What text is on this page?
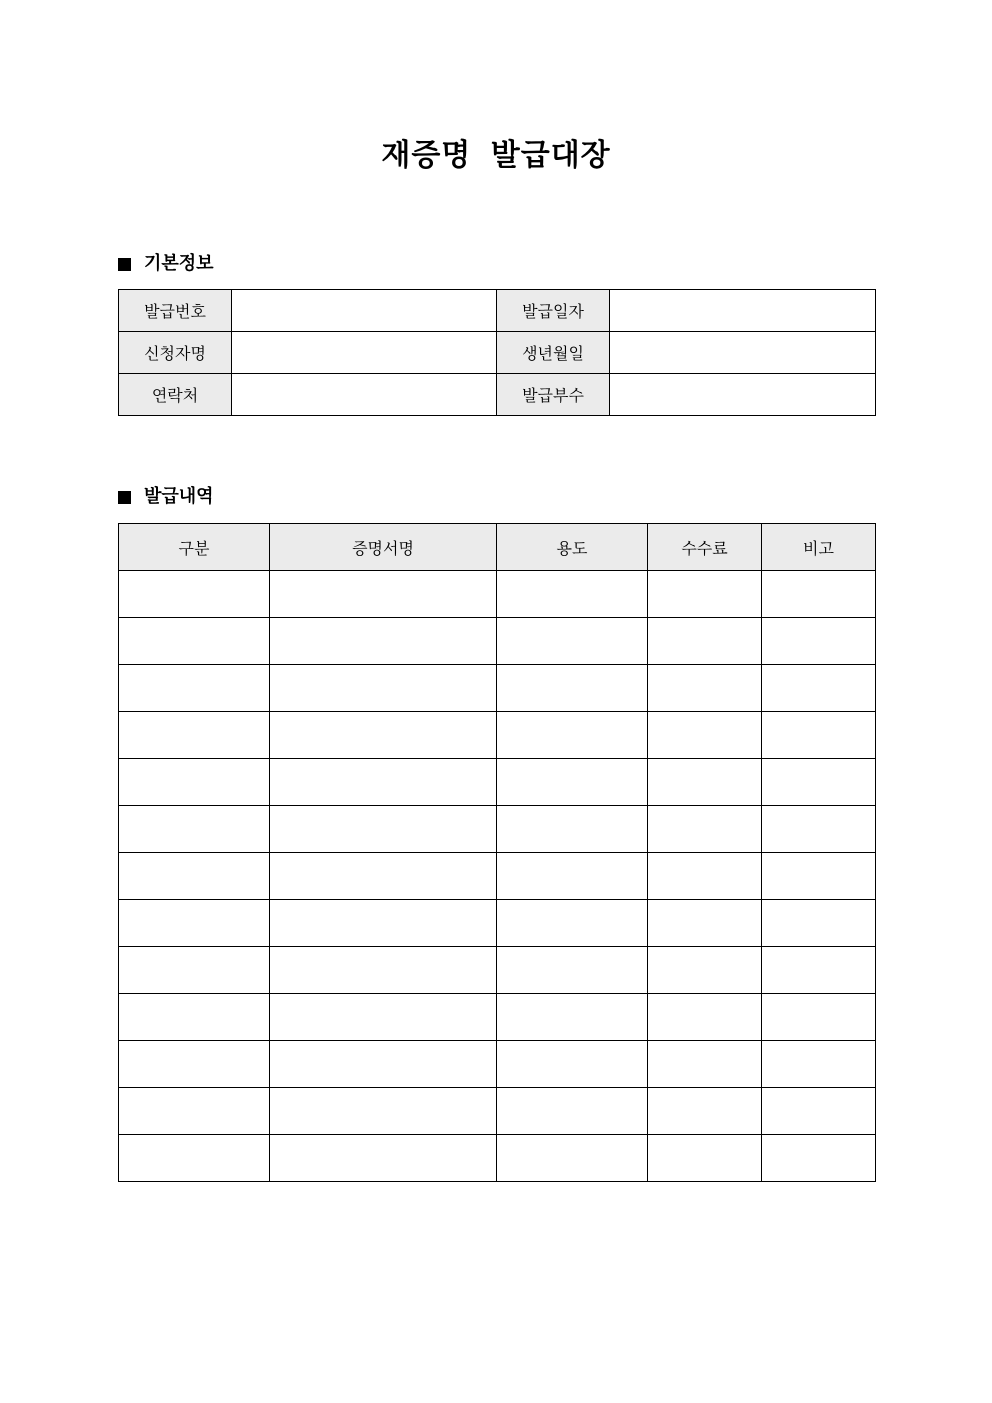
재증명 발급대장
기본정보
발급번호		발급일자	
신청자명		생년월일	
연락처		발급부수	
발급내역
구분	증명서명	용도	수수료	비고
